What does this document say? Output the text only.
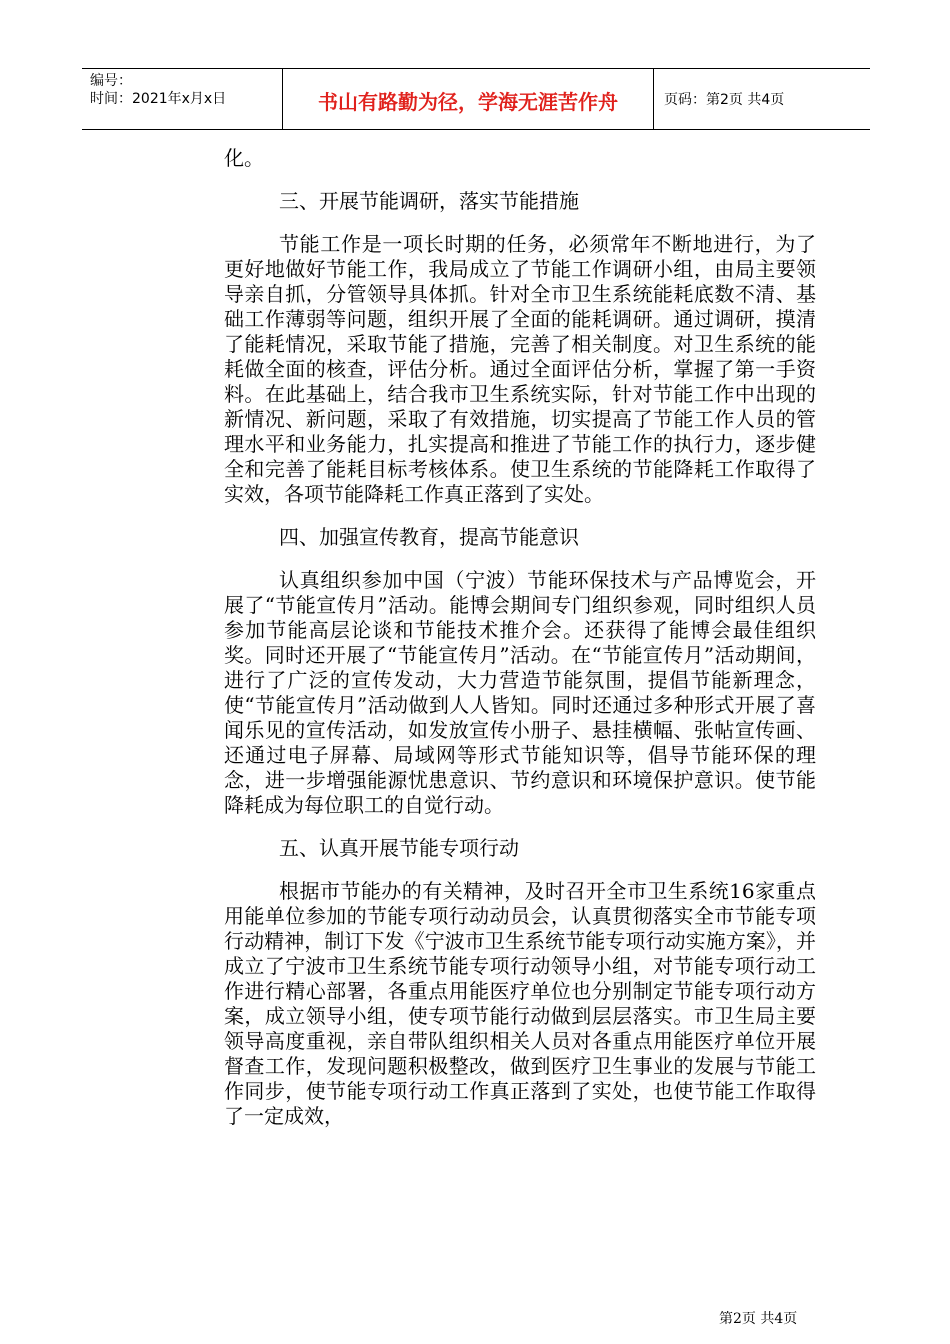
编号：
时间：2021年x月x日	书山有路勤为径，学海无涯苦作舟	页码：第2页 共4页

化。

三、开展节能调研，落实节能措施

节能工作是一项长时期的任务，必须常年不断地进行，为了更好地做好节能工作，我局成立了节能工作调研小组，由局主要领导亲自抓，分管领导具体抓。针对全市卫生系统能耗底数不清、基础工作薄弱等问题，组织开展了全面的能耗调研。通过调研，摸清了能耗情况，采取节能了措施，完善了相关制度。对卫生系统的能耗做全面的核查，评估分析。通过全面评估分析，掌握了第一手资料。在此基础上，结合我市卫生系统实际，针对节能工作中出现的新情况、新问题，采取了有效措施，切实提高了节能工作人员的管理水平和业务能力，扎实提高和推进了节能工作的执行力，逐步健全和完善了能耗目标考核体系。使卫生系统的节能降耗工作取得了实效，各项节能降耗工作真正落到了实处。

四、加强宣传教育，提高节能意识

认真组织参加中国（宁波）节能环保技术与产品博览会，开展了“节能宣传月”活动。能博会期间专门组织参观，同时组织人员参加节能高层论谈和节能技术推介会。还获得了能博会最佳组织奖。同时还开展了“节能宣传月”活动。在“节能宣传月”活动期间，进行了广泛的宣传发动，大力营造节能氛围，提倡节能新理念，使“节能宣传月”活动做到人人皆知。同时还通过多种形式开展了喜闻乐见的宣传活动，如发放宣传小册子、悬挂横幅、张帖宣传画、还通过电子屏幕、局域网等形式节能知识等，倡导节能环保的理念，进一步增强能源忧患意识、节约意识和环境保护意识。使节能降耗成为每位职工的自觉行动。

五、认真开展节能专项行动

根据市节能办的有关精神，及时召开全市卫生系统16家重点用能单位参加的节能专项行动动员会，认真贯彻落实全市节能专项行动精神，制订下发《宁波市卫生系统节能专项行动实施方案》，并成立了宁波市卫生系统节能专项行动领导小组，对节能专项行动工作进行精心部署，各重点用能医疗单位也分别制定节能专项行动方案，成立领导小组，使专项节能行动做到层层落实。市卫生局主要领导高度重视，亲自带队组织相关人员对各重点用能医疗单位开展督查工作，发现问题积极整改，做到医疗卫生事业的发展与节能工作同步，使节能专项行动工作真正落到了实处，也使节能工作取得了一定成效，

第2页 共4页
